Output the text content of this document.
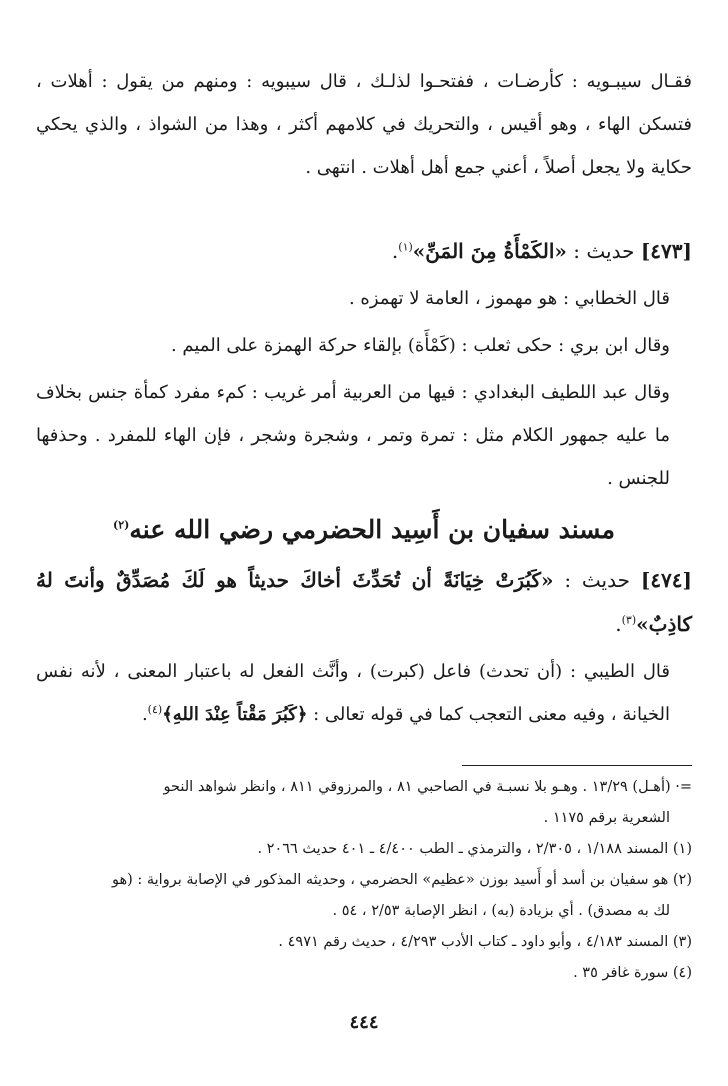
فقـال سيبـويه : كأرضـات ، ففتحـوا لذلـك ، قال سيبويه : ومنهم من يقول : أهلات ، فتسكن الهاء ، وهو أقيس ، والتحريك في كلامهم أكثر ، وهذا من الشواذ ، والذي يحكي حكاية ولا يجعل أصلاً ، أعني جمع أهل أهلات . انتهى .

[٤٧٣] حديث : «الكَمْأَةُ مِنَ المَنِّ»$^{(١)}$.

قال الخطابي : هو مهموز ، العامة لا تهمزه .

وقال ابن بري : حكى ثعلب : (كَمْأَة) بإلقاء حركة الهمزة على الميم .

وقال عبد اللطيف البغدادي : فيها من العربية أمر غريب : كمء مفرد كمأة جنس بخلاف ما عليه جمهور الكلام مثل : تمرة وتمر ، وشجرة وشجر ، فإن الهاء للمفرد . وحذفها للجنس .

مسند سفيان بن أَسِيد الحضرمي رضي الله عنه$^{(٢)}$

[٤٧٤] حديث : «كَبُرَتْ خِيَانَةً أن تُحَدِّثَ أخاكَ حديثاً هو لَكَ مُصَدِّقٌ وأنتَ لهُ كاذِبٌ»$^{(٣)}$.

قال الطيبي : (أن تحدث) فاعل (كبرت) ، وأنَّث الفعل له باعتبار المعنى ، لأنه نفس الخيانة ، وفيه معنى التعجب كما في قوله تعالى : ﴿كَبُرَ مَقْتاً عِنْدَ اللهِ﴾$^{(٤)}$.

=· (أهـل) ١٣/٢٩ . وهـو بلا نسبـة في الصاحبي ٨١ ، والمرزوقي ٨١١ ، وانظر شواهد النحو

الشعرية برقم ١١٧٥ .

(١) المسند ١/١٨٨ ، ٢/٣٠٥ ، والترمذي ـ الطب ٤/٤٠٠ ـ ٤٠١ حديث ٢٠٦٦ .

(٢) هو سفيان بن أسد أو أَسيد بوزن «عظيم» الحضرمي ، وحديثه المذكور في الإصابة برواية : (هو

لك به مصدق) . أي بزيادة (به) ، انظر الإصابة ٢/٥٣ ، ٥٤ .

(٣) المسند ٤/١٨٣ ، وأبو داود ـ كتاب الأدب ٤/٢٩٣ ، حديث رقم ٤٩٧١ .

(٤) سورة غافر ٣٥ .

٤٤٤
